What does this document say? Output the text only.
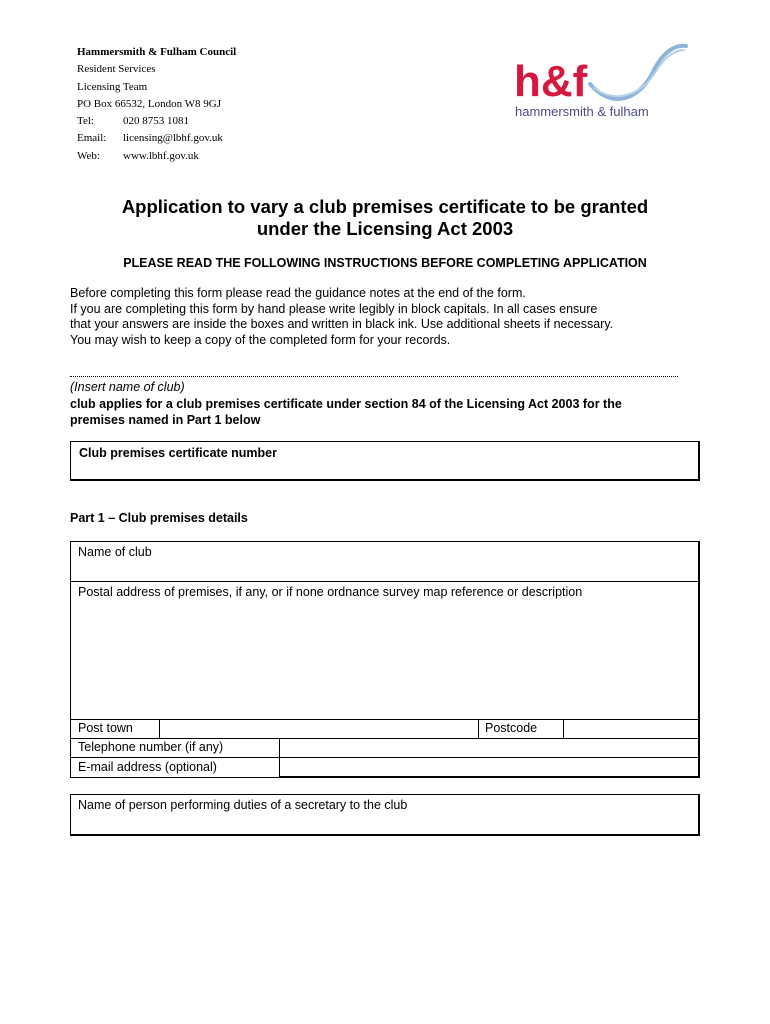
Hammersmith & Fulham Council
Resident Services
Licensing Team
PO Box 66532, London W8 9GJ
Tel:	020 8753 1081
Email: licensing@lbhf.gov.uk
Web: www.lbhf.gov.uk
h&f
hammersmith & fulham
Application to vary a club premises certificate to be granted
under the Licensing Act 2003
PLEASE READ THE FOLLOWING INSTRUCTIONS BEFORE COMPLETING APPLICATION
Before completing this form please read the guidance notes at the end of the form.
If you are completing this form by hand please write legibly in block capitals. In all cases ensure
that your answers are inside the boxes and written in black ink. Use additional sheets if necessary.
You may wish to keep a copy of the completed form for your records.
(Insert name of club)
club applies for a club premises certificate under section 84 of the Licensing Act 2003 for the
premises named in Part 1 below
Club premises certificate number
Part 1 – Club premises details
Name of club
Postal address of premises, if any, or if none ordnance survey map reference or description
Post town	Postcode
Telephone number (if any)
E-mail address (optional)
Name of person performing duties of a secretary to the club
